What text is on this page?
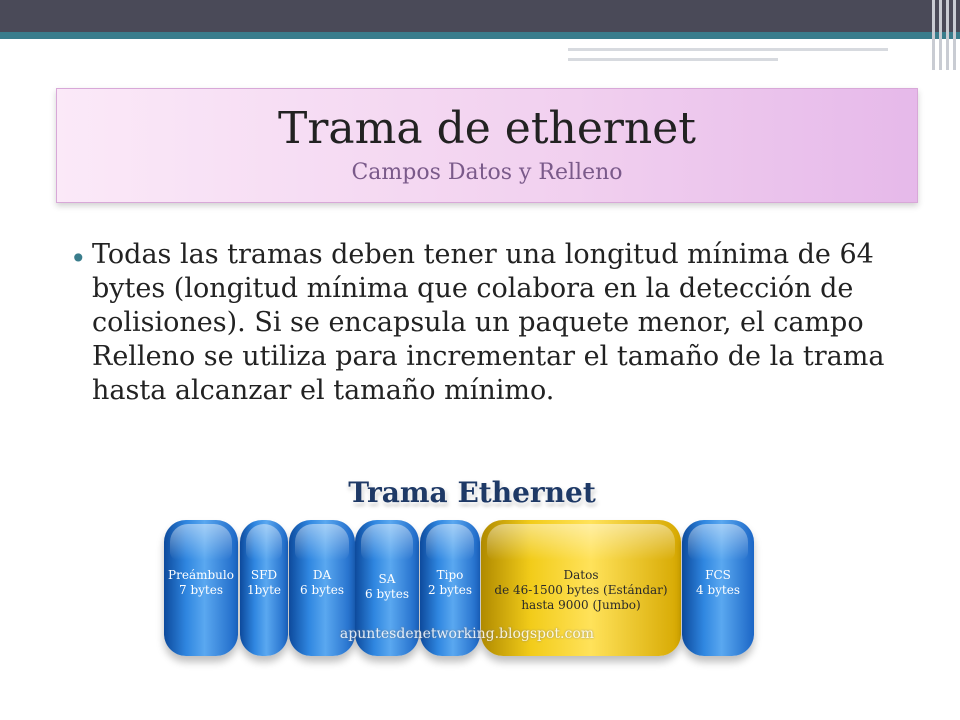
Trama de ethernet
Campos Datos y Relleno
• Todas las tramas deben tener una longitud mínima de 64 bytes (longitud mínima que colabora en la detección de colisiones). Si se encapsula un paquete menor, el campo Relleno se utiliza para incrementar el tamaño de la trama hasta alcanzar el tamaño mínimo.
Trama Ethernet
Preámbulo
7 bytes
SFD
1byte
DA
6 bytes
SA
6 bytes
Tipo
2 bytes
Datos
de 46-1500 bytes (Estándar)
hasta 9000 (Jumbo)
FCS
4 bytes
apuntesdenetworking.blogspot.com
